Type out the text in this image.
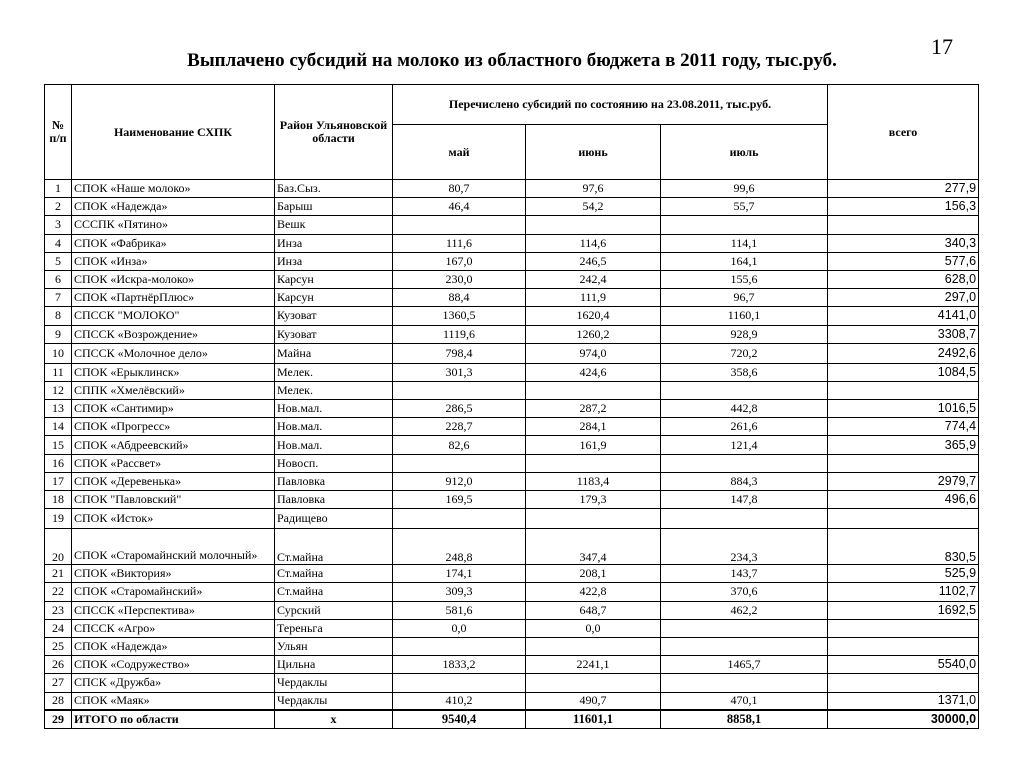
17
Выплачено субсидий на молоко из областного бюджета в 2011 году, тыс.руб.
№ п/п	Наименование СХПК	Район Ульяновской области	Перечислено субсидий по состоянию на 23.08.2011, тыс.руб.			всего
			май	июнь	июль	
1	СПОК «Наше молоко»	Баз.Сыз.	80,7	97,6	99,6	277,9
2	СПОК «Надежда»	Барыш	46,4	54,2	55,7	156,3
3	СССПК «Пятино»	Вешк				
4	СПОК «Фабрика»	Инза	111,6	114,6	114,1	340,3
5	СПОК «Инза»	Инза	167,0	246,5	164,1	577,6
6	СПОК «Искра-молоко»	Карсун	230,0	242,4	155,6	628,0
7	СПОК «ПартнёрПлюс»	Карсун	88,4	111,9	96,7	297,0
8	СПССК "МОЛОКО"	Кузоват	1360,5	1620,4	1160,1	4141,0
9	СПССК «Возрождение»	Кузоват	1119,6	1260,2	928,9	3308,7
10	СПССК «Молочное дело»	Майна	798,4	974,0	720,2	2492,6
11	СПОК «Ерыклинск»	Мелек.	301,3	424,6	358,6	1084,5
12	СППК «Хмелёвский»	Мелек.				
13	СПОК «Сантимир»	Нов.мал.	286,5	287,2	442,8	1016,5
14	СПОК «Прогресс»	Нов.мал.	228,7	284,1	261,6	774,4
15	СПОК «Абдреевский»	Нов.мал.	82,6	161,9	121,4	365,9
16	СПОК «Рассвет»	Новосп.				
17	СПОК «Деревенька»	Павловка	912,0	1183,4	884,3	2979,7
18	СПОК "Павловский"	Павловка	169,5	179,3	147,8	496,6
19	СПОК «Исток»	Радищево				
20	СПОК «Старомайнский молочный»	Ст.майна	248,8	347,4	234,3	830,5
21	СПОК «Виктория»	Ст.майна	174,1	208,1	143,7	525,9
22	СПОК «Старомайнский»	Ст.майна	309,3	422,8	370,6	1102,7
23	СПССК «Перспектива»	Сурский	581,6	648,7	462,2	1692,5
24	СПССК «Агро»	Тереньга	0,0	0,0		
25	СПОК «Надежда»	Ульян				
26	СПОК «Содружество»	Цильна	1833,2	2241,1	1465,7	5540,0
27	СПСК «Дружба»	Чердаклы				
28	СПОК «Маяк»	Чердаклы	410,2	490,7	470,1	1371,0
29	ИТОГО по области	x	9540,4	11601,1	8858,1	30000,0
